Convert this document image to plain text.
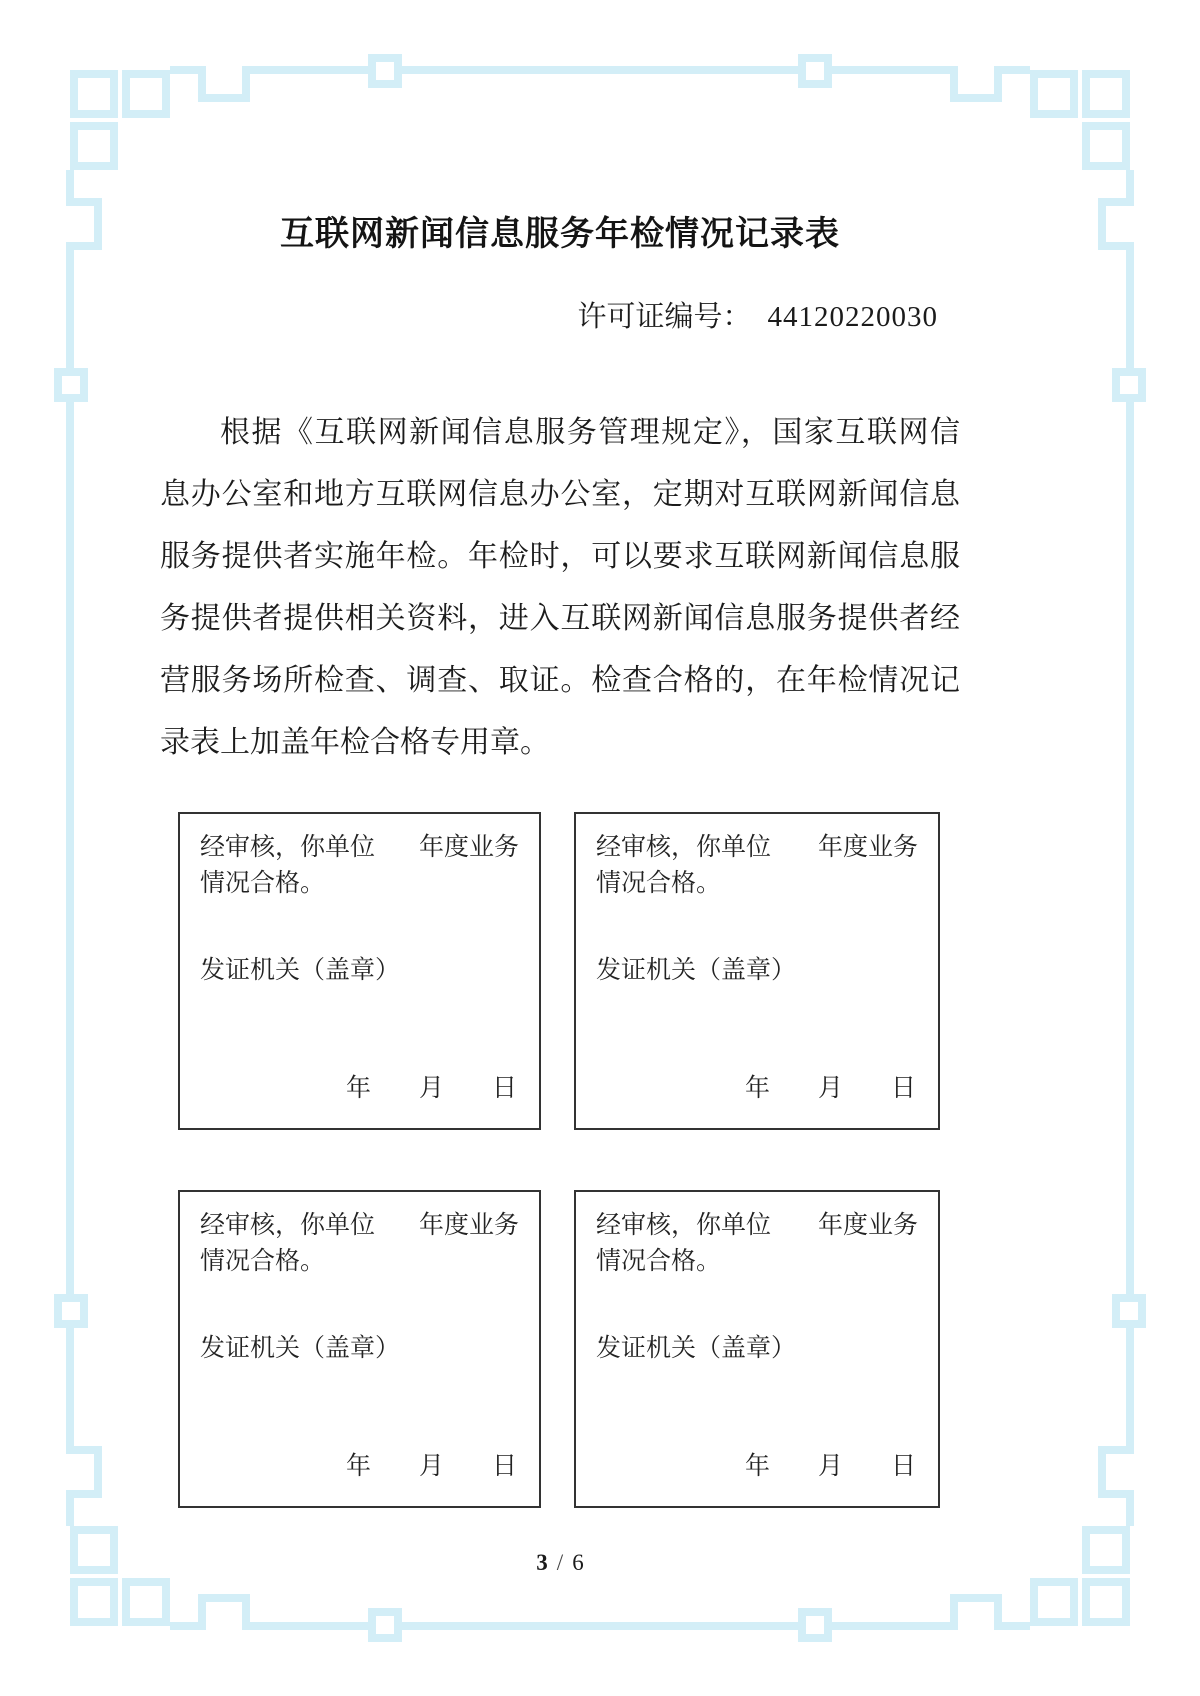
互联网新闻信息服务年检情况记录表
许可证编号： 44120220030
根据《互联网新闻信息服务管理规定》，国家互联网信
息办公室和地方互联网信息办公室，定期对互联网新闻信息
服务提供者实施年检。年检时，可以要求互联网新闻信息服
务提供者提供相关资料，进入互联网新闻信息服务提供者经
营服务场所检查、调查、取证。检查合格的，在年检情况记
录表上加盖年检合格专用章。
经审核，你单位 年度业务
情况合格。
发证机关（盖章）
年 月 日
经审核，你单位 年度业务
情况合格。
发证机关（盖章）
年 月 日
经审核，你单位 年度业务
情况合格。
发证机关（盖章）
年 月 日
经审核，你单位 年度业务
情况合格。
发证机关（盖章）
年 月 日
3 / 6
